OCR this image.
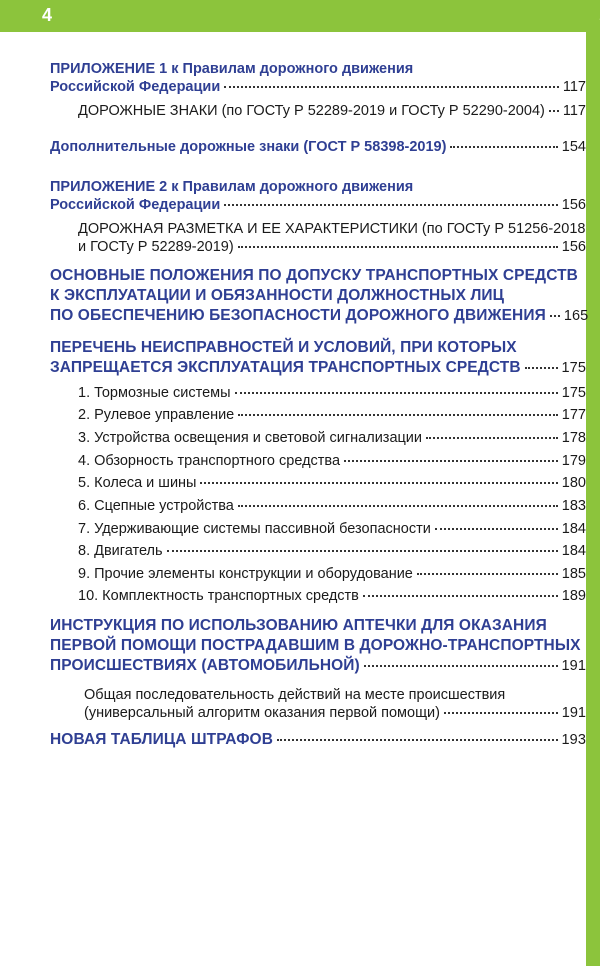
4
ПРИЛОЖЕНИЕ 1 к Правилам дорожного движения
Российской Федерации	117
ДОРОЖНЫЕ ЗНАКИ (по ГОСТу Р 52289-2019 и ГОСТу Р 52290-2004) 117
Дополнительные дорожные знаки (ГОСТ Р 58398-2019)	154
ПРИЛОЖЕНИЕ 2 к Правилам дорожного движения
Российской Федерации	156
ДОРОЖНАЯ РАЗМЕТКА И ЕЕ ХАРАКТЕРИСТИКИ (по ГОСТу Р 51256-2018
и ГОСТу Р 52289-2019)	156
ОСНОВНЫЕ ПОЛОЖЕНИЯ ПО ДОПУСКУ ТРАНСПОРТНЫХ СРЕДСТВ
К ЭКСПЛУАТАЦИИ И ОБЯЗАННОСТИ ДОЛЖНОСТНЫХ ЛИЦ
ПО ОБЕСПЕЧЕНИЮ БЕЗОПАСНОСТИ ДОРОЖНОГО ДВИЖЕНИЯ 165
ПЕРЕЧЕНЬ НЕИСПРАВНОСТЕЙ И УСЛОВИЙ, ПРИ КОТОРЫХ
ЗАПРЕЩАЕТСЯ ЭКСПЛУАТАЦИЯ ТРАНСПОРТНЫХ СРЕДСТВ	175
1. Тормозные системы	175
2. Рулевое управление	177
3. Устройства освещения и световой сигнализации	178
4. Обзорность транспортного средства	179
5. Колеса и шины	180
6. Сцепные устройства	183
7. Удерживающие системы пассивной безопасности	184
8. Двигатель	184
9. Прочие элементы конструкции и оборудование	185
10. Комплектность транспортных средств	189
ИНСТРУКЦИЯ ПО ИСПОЛЬЗОВАНИЮ АПТЕЧКИ ДЛЯ ОКАЗАНИЯ
ПЕРВОЙ ПОМОЩИ ПОСТРАДАВШИМ В ДОРОЖНО-ТРАНСПОРТНЫХ
ПРОИСШЕСТВИЯХ (АВТОМОБИЛЬНОЙ)	191
Общая последовательность действий на месте происшествия
(универсальный алгоритм оказания первой помощи)	191
НОВАЯ ТАБЛИЦА ШТРАФОВ	193
